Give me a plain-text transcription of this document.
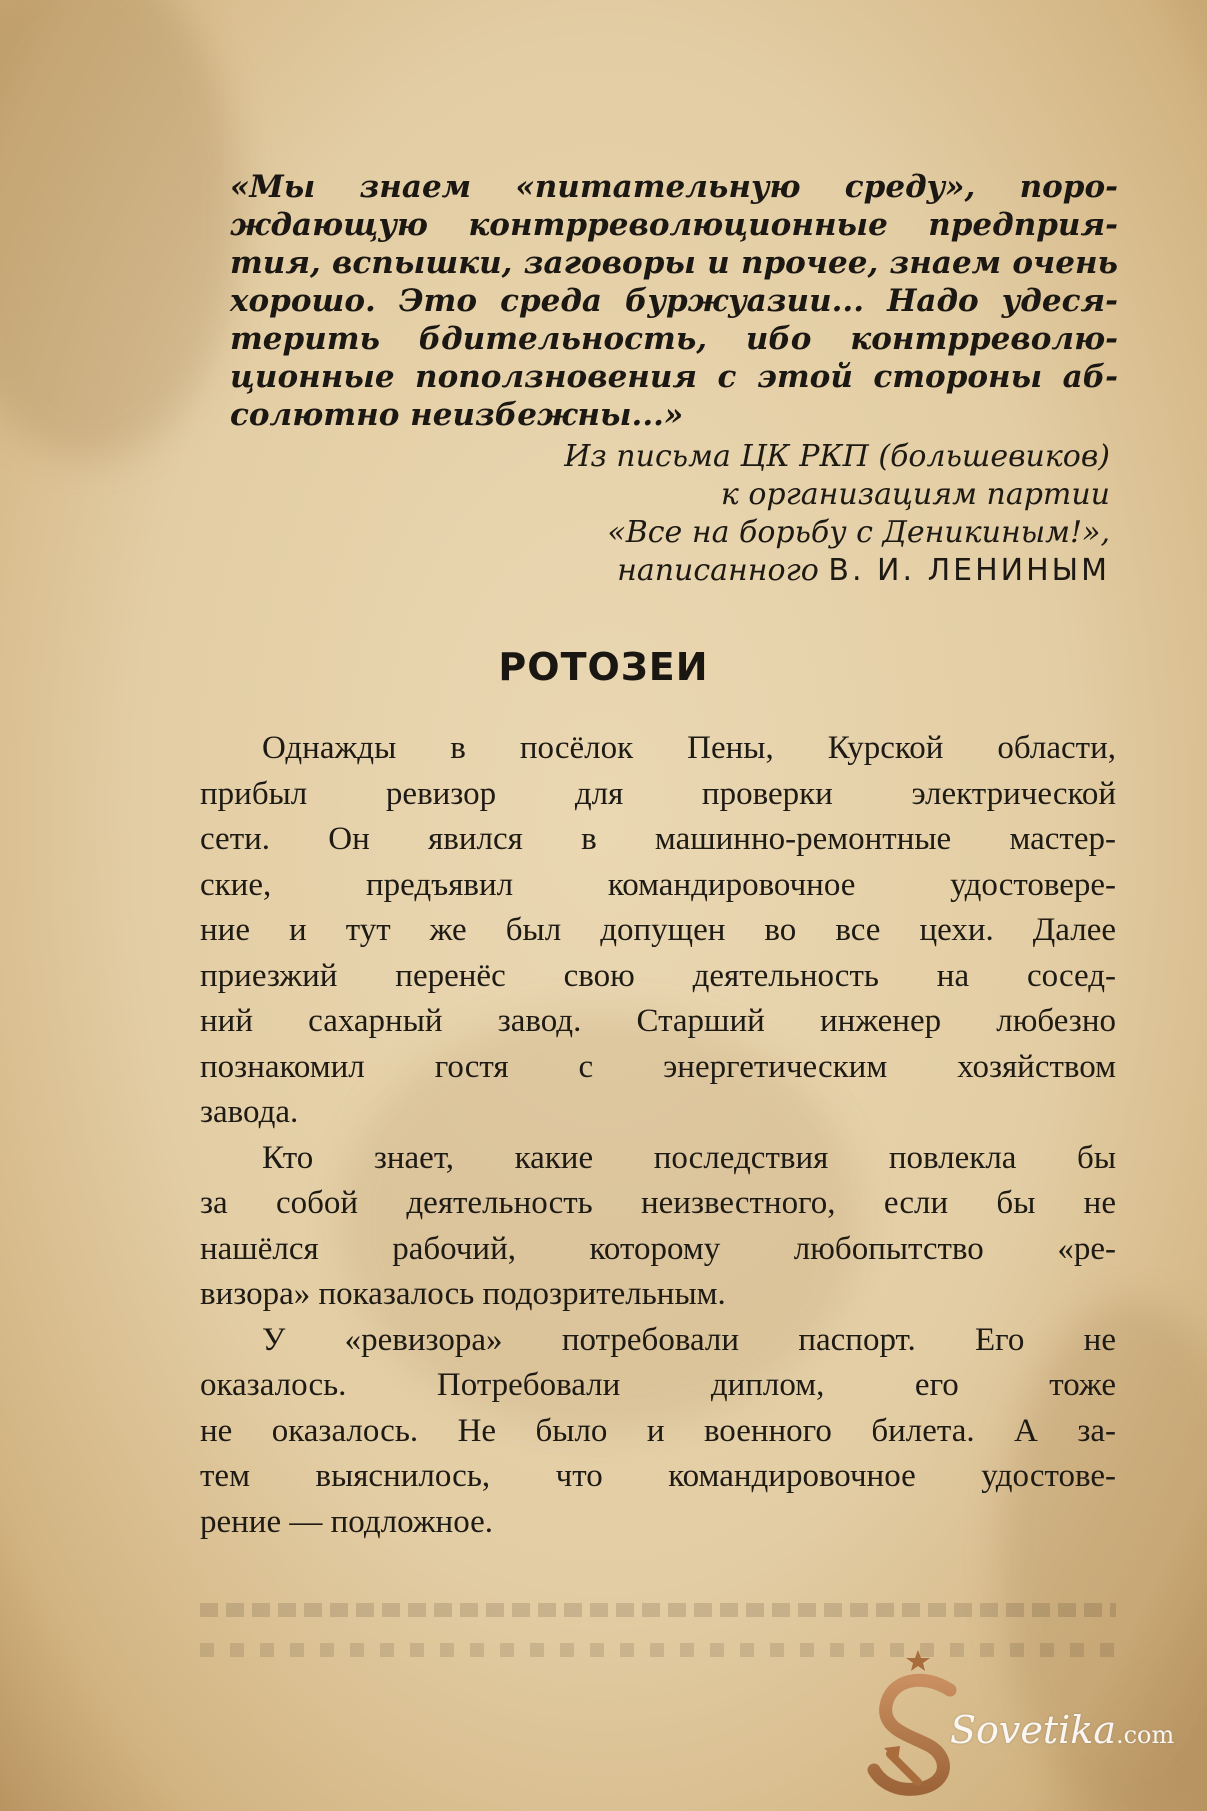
«Мы знаем «питательную среду», поро-
ждающую контрреволюционные предприя-
тия, вспышки, заговоры и прочее, знаем очень
хорошо. Это среда буржуазии... Надо удеся-
терить бдительность, ибо контрреволю-
ционные поползновения с этой стороны аб-
солютно неизбежны...»
Из письма ЦК РКП (большевиков)
к организациям партии
«Все на борьбу с Деникиным!»,
написанного В. И. ЛЕНИНЫМ
РОТОЗЕИ
Однажды в посёлок Пены, Курской области,
прибыл ревизор для проверки электрической
сети. Он явился в машинно-ремонтные мастер-
ские, предъявил командировочное удостовере-
ние и тут же был допущен во все цехи. Далее
приезжий перенёс свою деятельность на сосед-
ний сахарный завод. Старший инженер любезно
познакомил гостя с энергетическим хозяйством
завода.
Кто знает, какие последствия повлекла бы
за собой деятельность неизвестного, если бы не
нашёлся рабочий, которому любопытство «ре-
визора» показалось подозрительным.
У «ревизора» потребовали паспорт. Его не
оказалось. Потребовали диплом, его тоже
не оказалось. Не было и военного билета. А за-
тем выяснилось, что командировочное удостове-
рение — подложное.
Sovetika.com
